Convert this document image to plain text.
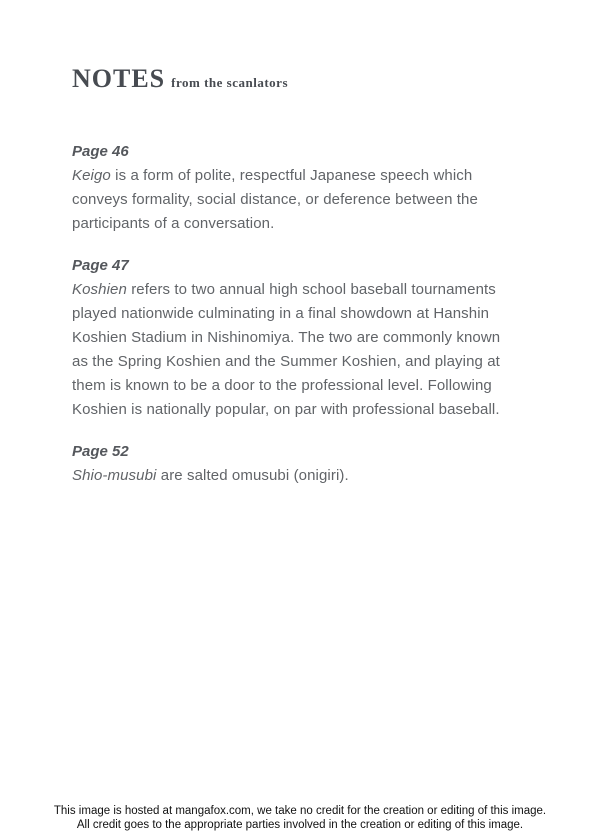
NOTES from the scanlators
Page 46

Keigo is a form of polite, respectful Japanese speech which conveys formality, social distance, or deference between the participants of a conversation.

Page 47

Koshien refers to two annual high school baseball tournaments played nationwide culminating in a final showdown at Hanshin Koshien Stadium in Nishinomiya. The two are commonly known as the Spring Koshien and the Summer Koshien, and playing at them is known to be a door to the professional level. Following Koshien is nationally popular, on par with professional baseball.

Page 52

Shio-musubi are salted omusubi (onigiri).

This image is hosted at mangafox.com, we take no credit for the creation or editing of this image.
All credit goes to the appropriate parties involved in the creation or editing of this image.
